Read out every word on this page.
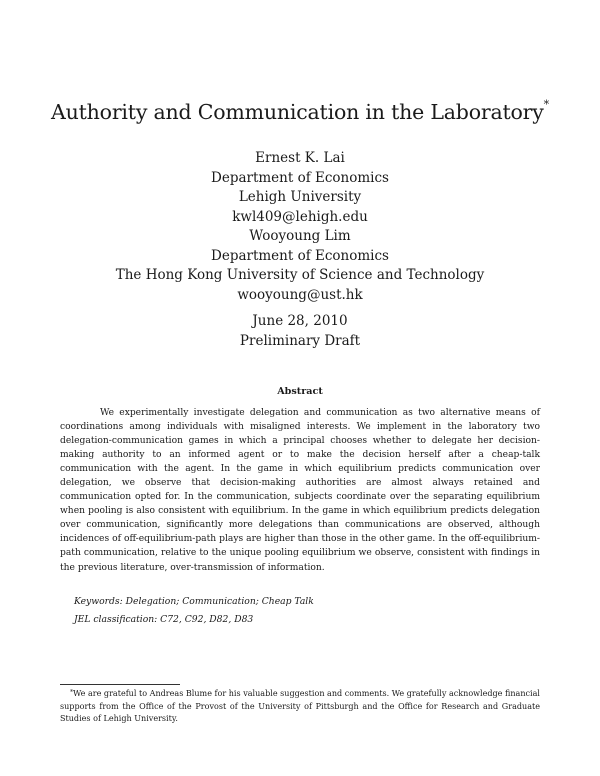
Authority and Communication in the Laboratory*
Ernest K. Lai
Department of Economics
Lehigh University
kwl409@lehigh.edu
Wooyoung Lim
Department of Economics
The Hong Kong University of Science and Technology
wooyoung@ust.hk
June 28, 2010
Preliminary Draft
Abstract

We experimentally investigate delegation and communication as two alternative means of coordinations among individuals with misaligned interests. We implement in the laboratory two delegation-communication games in which a principal chooses whether to delegate her decision-making authority to an informed agent or to make the decision herself after a cheap-talk communication with the agent. In the game in which equilibrium predicts communication over delegation, we observe that decision-making authorities are almost always retained and communication opted for. In the communication, subjects coordinate over the separating equilibrium when pooling is also consistent with equilibrium. In the game in which equilibrium predicts delegation over communication, significantly more delegations than communications are observed, although incidences of off-equilibrium-path plays are higher than those in the other game. In the off-equilibrium-path communication, relative to the unique pooling equilibrium we observe, consistent with findings in the previous literature, over-transmission of information.

Keywords: Delegation; Communication; Cheap Talk
JEL classification: C72, C92, D82, D83

*We are grateful to Andreas Blume for his valuable suggestion and comments. We gratefully acknowledge financial supports from the Office of the Provost of the University of Pittsburgh and the Office for Research and Graduate Studies of Lehigh University.
